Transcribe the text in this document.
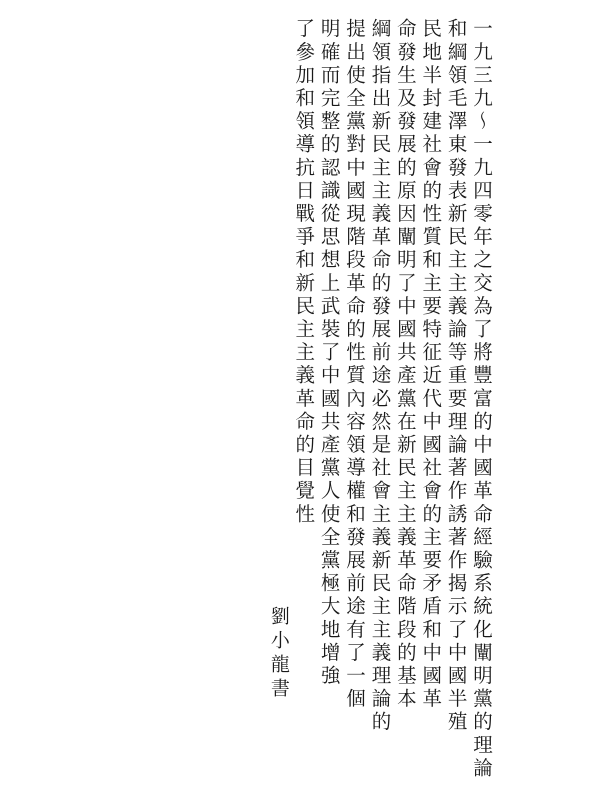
一九三九～一九四零年之交為了將豐富的中國革命經驗系統化闡明黨的理論
和綱領毛澤東發表新民主主義論等重要理論著作誘著作揭示了中國半殖
民地半封建社會的性質和主要特征近代中國社會的主要矛盾和中國革
命發生及發展的原因闡明了中國共產黨在新民主主義革命階段的基本
綱領指出新民主主義革命的發展前途必然是社會主義新民主主義理論的
提出使全黨對中國現階段革命的性質內容領導權和發展前途有了一個
明確而完整的認識從思想上武裝了中國共產黨人使全黨極大地增強
了參加和領導抗日戰爭和新民主主義革命的目覺性
劉小龍書
